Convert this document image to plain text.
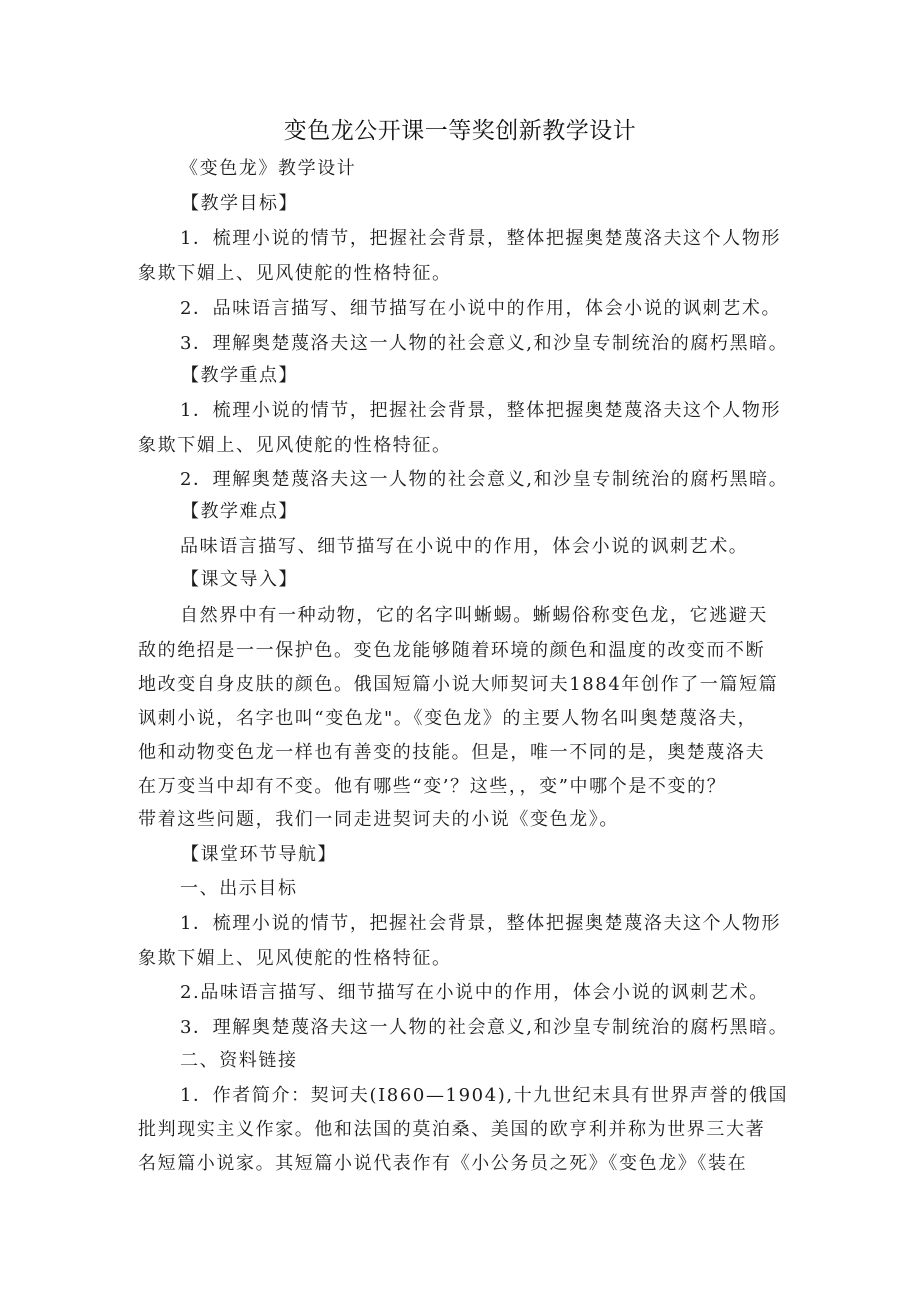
变色龙公开课一等奖创新教学设计
《变色龙》教学设计
【教学目标】
1．梳理小说的情节，把握社会背景，整体把握奥楚蔑洛夫这个人物形
象欺下媚上、见风使舵的性格特征。
2．品味语言描写、细节描写在小说中的作用，体会小说的讽刺艺术。
3．理解奥楚蔑洛夫这一人物的社会意义,和沙皇专制统治的腐朽黑暗。
【教学重点】
1．梳理小说的情节，把握社会背景，整体把握奥楚蔑洛夫这个人物形
象欺下媚上、见风使舵的性格特征。
2．理解奥楚蔑洛夫这一人物的社会意义,和沙皇专制统治的腐朽黑暗。
【教学难点】
品味语言描写、细节描写在小说中的作用，体会小说的讽刺艺术。
【课文导入】
自然界中有一种动物，它的名字叫蜥蜴。蜥蜴俗称变色龙，它逃避天
敌的绝招是一一保护色。变色龙能够随着环境的颜色和温度的改变而不断
地改变自身皮肤的颜色。俄国短篇小说大师契诃夫1884年创作了一篇短篇
讽刺小说，名字也叫“变色龙"。《变色龙》的主要人物名叫奥楚蔑洛夫，
他和动物变色龙一样也有善变的技能。但是，唯一不同的是，奥楚蔑洛夫
在万变当中却有不变。他有哪些“变’？这些，，变”中哪个是不变的？
带着这些问题，我们一同走进契诃夫的小说《变色龙》。
【课堂环节导航】
一、出示目标
1．梳理小说的情节，把握社会背景，整体把握奥楚蔑洛夫这个人物形
象欺下媚上、见风使舵的性格特征。
2.品味语言描写、细节描写在小说中的作用，体会小说的讽刺艺术。
3．理解奥楚蔑洛夫这一人物的社会意义,和沙皇专制统治的腐朽黑暗。
二、资料链接
1．作者简介：契诃夫(I860—1904),十九世纪末具有世界声誉的俄国
批判现实主义作家。他和法国的莫泊桑、美国的欧亨利并称为世界三大著
名短篇小说家。其短篇小说代表作有《小公务员之死》《变色龙》《装在
